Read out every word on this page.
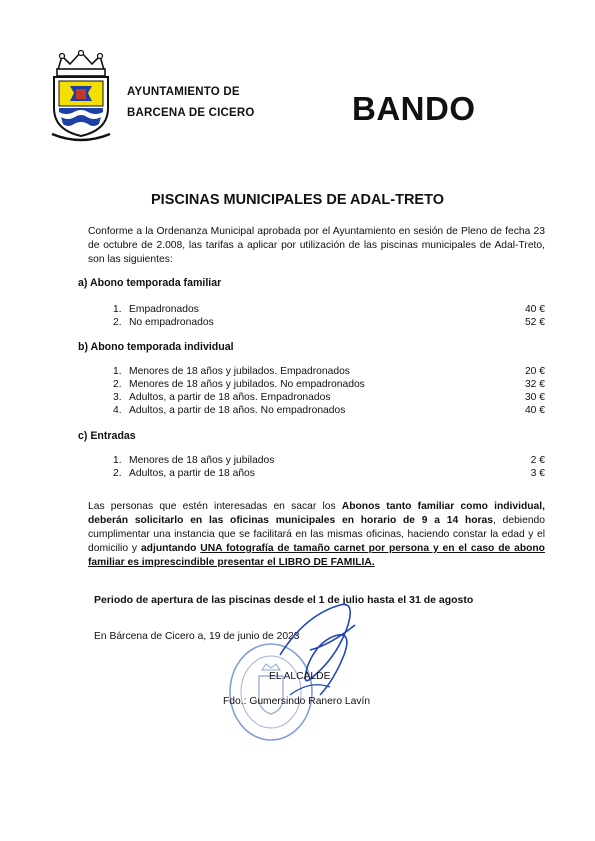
AYUNTAMIENTO DE
BARCENA DE CICERO	BANDO
PISCINAS MUNICIPALES DE ADAL-TRETO
Conforme a la Ordenanza Municipal aprobada por el Ayuntamiento en sesión de Pleno de fecha 23 de octubre de 2.008, las tarifas a aplicar por utilización de las piscinas municipales de Adal-Treto, son las siguientes:
a) Abono temporada familiar
1. Empadronados	40 €
2. No empadronados	52 €
b) Abono temporada individual
1. Menores de 18 años y jubilados. Empadronados	20 €
2. Menores de 18 años y jubilados. No empadronados	32 €
3. Adultos, a partir de 18 años. Empadronados	30 €
4. Adultos, a partir de 18 años. No empadronados	40 €
c) Entradas
1. Menores de 18 años y jubilados	2 €
2. Adultos, a partir de 18 años	3 €
Las personas que estén interesadas en sacar los Abonos tanto familiar como individual, deberán solicitarlo en las oficinas municipales en horario de 9 a 14 horas, debiendo cumplimentar una instancia que se facilitará en las mismas oficinas, haciendo constar la edad y el domicilio y adjuntando UNA fotografía de tamaño carnet por persona y en el caso de abono familiar es imprescindible presentar el LIBRO DE FAMILIA.
Periodo de apertura de las piscinas desde el 1 de julio hasta el 31 de agosto
En Bárcena de Cicero a, 19 de junio de 2023
EL ALCALDE
Fdo.: Gumersindo Ranero Lavín
